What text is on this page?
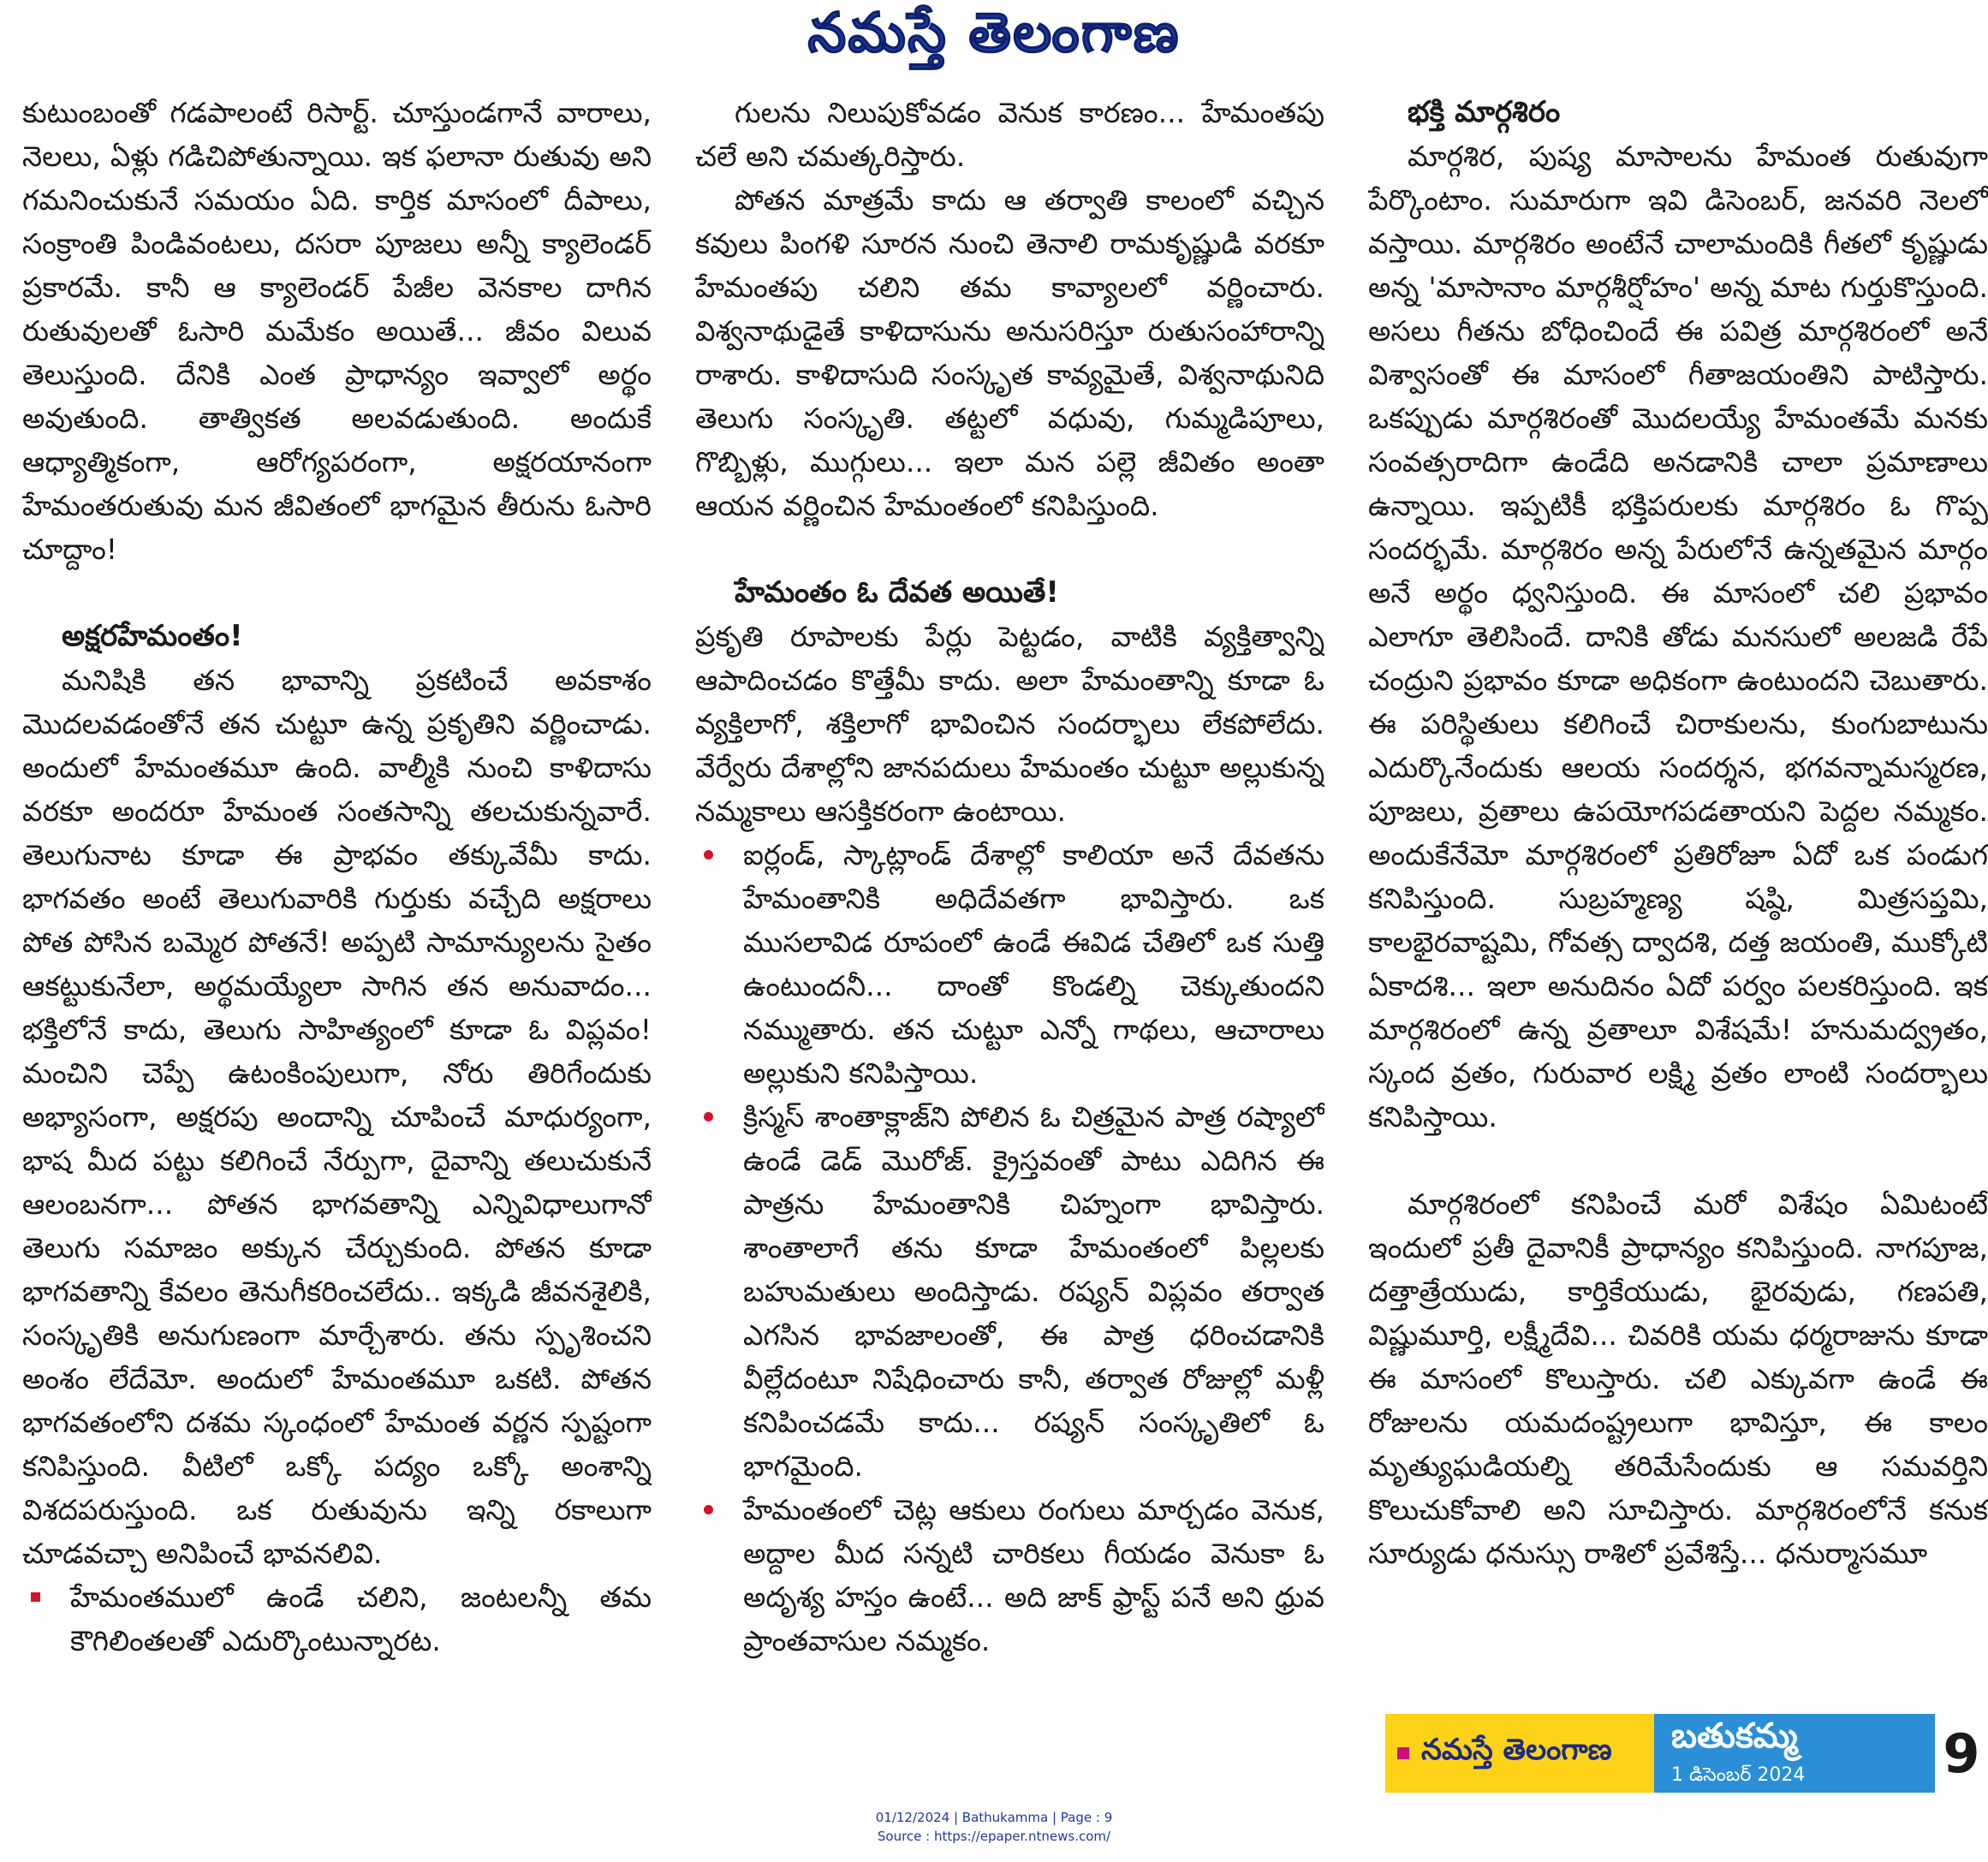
నమస్తే తెలంగాణ

కుటుంబంతో గడపాలంటే రిసార్ట్. చూస్తుండగానే వారాలు, నెలలు, ఏళ్లు గడిచిపోతున్నాయి. ఇక ఫలానా రుతువు అని గమనించుకునే సమయం ఏది. కార్తిక మాసంలో దీపాలు, సంక్రాంతి పిండివంటలు, దసరా పూజలు అన్నీ క్యాలెండర్ ప్రకారమే. కానీ ఆ క్యాలెండర్ పేజీల వెనకాల దాగిన రుతువులతో ఓసారి మమేకం అయితే... జీవం విలువ తెలుస్తుంది. దేనికి ఎంత ప్రాధాన్యం ఇవ్వాలో అర్థం అవుతుంది. తాత్వికత అలవడుతుంది. అందుకే ఆధ్యాత్మికంగా, ఆరోగ్యపరంగా, అక్షరయానంగా హేమంతరుతువు మన జీవితంలో భాగమైన తీరును ఓసారి చూద్దాం!

అక్షరహేమంతం!

మనిషికి తన భావాన్ని ప్రకటించే అవకాశం మొదలవడంతోనే తన చుట్టూ ఉన్న ప్రకృతిని వర్ణించాడు. అందులో హేమంతమూ ఉంది. వాల్మీకి నుంచి కాళిదాసు వరకూ అందరూ హేమంత సంతసాన్ని తలచుకున్నవారే. తెలుగునాట కూడా ఈ ప్రాభవం తక్కువేమీ కాదు. భాగవతం అంటే తెలుగువారికి గుర్తుకు వచ్చేది అక్షరాలు పోత పోసిన బమ్మెర పోతనే! అప్పటి సామాన్యులను సైతం ఆకట్టుకునేలా, అర్థమయ్యేలా సాగిన తన అనువాదం... భక్తిలోనే కాదు, తెలుగు సాహిత్యంలో కూడా ఓ విప్లవం! మంచిని చెప్పే ఉటంకింపులుగా, నోరు తిరిగేందుకు అభ్యాసంగా, అక్షరపు అందాన్ని చూపించే మాధుర్యంగా, భాష మీద పట్టు కలిగించే నేర్పుగా, దైవాన్ని తలుచుకునే ఆలంబనగా... పోతన భాగవతాన్ని ఎన్నివిధాలుగానో తెలుగు సమాజం అక్కున చేర్చుకుంది. పోతన కూడా భాగవతాన్ని కేవలం తెనుగీకరించలేదు.. ఇక్కడి జీవనశైలికి, సంస్కృతికి అనుగుణంగా మార్చేశారు. తను స్పృశించని అంశం లేదేమో. అందులో హేమంతమూ ఒకటి. పోతన భాగవతంలోని దశమ స్కంధంలో హేమంత వర్ణన స్పష్టంగా కనిపిస్తుంది. వీటిలో ఒక్కో పద్యం ఒక్కో అంశాన్ని విశదపరుస్తుంది. ఒక రుతువును ఇన్ని రకాలుగా చూడవచ్చా అనిపించే భావనలివి.

హేమంతములో ఉండే చలిని, జంటలన్నీ తమ కౌగిలింతలతో ఎదుర్కొంటున్నారట.

గులను నిలుపుకోవడం వెనుక కారణం... హేమంతపు చలే అని చమత్కరిస్తారు.

పోతన మాత్రమే కాదు ఆ తర్వాతి కాలంలో వచ్చిన కవులు పింగళి సూరన నుంచి తెనాలి రామకృష్ణుడి వరకూ హేమంతపు చలిని తమ కావ్యాలలో వర్ణించారు. విశ్వనాథుడైతే కాళిదాసును అనుసరిస్తూ రుతుసంహారాన్ని రాశారు. కాళిదాసుది సంస్కృత కావ్యమైతే, విశ్వనాథునిది తెలుగు సంస్కృతి. తట్టలో వధువు, గుమ్మడిపూలు, గొబ్బిళ్లు, ముగ్గులు... ఇలా మన పల్లె జీవితం అంతా ఆయన వర్ణించిన హేమంతంలో కనిపిస్తుంది.

హేమంతం ఓ దేవత అయితే!

ప్రకృతి రూపాలకు పేర్లు పెట్టడం, వాటికి వ్యక్తిత్వాన్ని ఆపాదించడం కొత్తేమీ కాదు. అలా హేమంతాన్ని కూడా ఓ వ్యక్తిలాగో, శక్తిలాగో భావించిన సందర్భాలు లేకపోలేదు. వేర్వేరు దేశాల్లోని జానపదులు హేమంతం చుట్టూ అల్లుకున్న నమ్మకాలు ఆసక్తికరంగా ఉంటాయి.

ఐర్లండ్, స్కాట్లాండ్ దేశాల్లో కాలియా అనే దేవతను హేమంతానికి అధిదేవతగా భావిస్తారు. ఒక ముసలావిడ రూపంలో ఉండే ఈవిడ చేతిలో ఒక సుత్తి ఉంటుందనీ... దాంతో కొండల్ని చెక్కుతుందని నమ్ముతారు. తన చుట్టూ ఎన్నో గాథలు, ఆచారాలు అల్లుకుని కనిపిస్తాయి.
క్రిస్మస్ శాంతాక్లాజ్‌ని పోలిన ఓ చిత్రమైన పాత్ర రష్యాలో ఉండే డెడ్ మొరోజ్. క్రైస్తవంతో పాటు ఎదిగిన ఈ పాత్రను హేమంతానికి చిహ్నంగా భావిస్తారు. శాంతాలాగే తను కూడా హేమంతంలో పిల్లలకు బహుమతులు అందిస్తాడు. రష్యన్ విప్లవం తర్వాత ఎగసిన భావజాలంతో, ఈ పాత్ర ధరించడానికి వీల్లేదంటూ నిషేధించారు కానీ, తర్వాత రోజుల్లో మళ్లీ కనిపించడమే కాదు... రష్యన్ సంస్కృతిలో ఓ భాగమైంది.
హేమంతంలో చెట్ల ఆకులు రంగులు మార్చడం వెనుక, అద్దాల మీద సన్నటి చారికలు గీయడం వెనుకా ఓ అదృశ్య హస్తం ఉంటే... అది జాక్ ఫ్రాస్ట్ పనే అని ధ్రువ ప్రాంతవాసుల నమ్మకం.
భక్తి మార్గశిరం

మార్గశిర, పుష్య మాసాలను హేమంత రుతువుగా పేర్కొంటాం. సుమారుగా ఇవి డిసెంబర్, జనవరి నెలలో వస్తాయి. మార్గశిరం అంటేనే చాలామందికి గీతలో కృష్ణుడు అన్న 'మాసానాం మార్గశీర్షోహం' అన్న మాట గుర్తుకొస్తుంది. అసలు గీతను బోధించిందే ఈ పవిత్ర మార్గశిరంలో అనే విశ్వాసంతో ఈ మాసంలో గీతాజయంతిని పాటిస్తారు. ఒకప్పుడు మార్గశిరంతో మొదలయ్యే హేమంతమే మనకు సంవత్సరాదిగా ఉండేది అనడానికి చాలా ప్రమాణాలు ఉన్నాయి. ఇప్పటికీ భక్తిపరులకు మార్గశిరం ఓ గొప్ప సందర్భమే. మార్గశిరం అన్న పేరులోనే ఉన్నతమైన మార్గం అనే అర్థం ధ్వనిస్తుంది. ఈ మాసంలో చలి ప్రభావం ఎలాగూ తెలిసిందే. దానికి తోడు మనసులో అలజడి రేపే చంద్రుని ప్రభావం కూడా అధికంగా ఉంటుందని చెబుతారు. ఈ పరిస్థితులు కలిగించే చిరాకులను, కుంగుబాటును ఎదుర్కొనేందుకు ఆలయ సందర్శన, భగవన్నామస్మరణ, పూజలు, వ్రతాలు ఉపయోగపడతాయని పెద్దల నమ్మకం. అందుకేనేమో మార్గశిరంలో ప్రతిరోజూ ఏదో ఒక పండుగ కనిపిస్తుంది. సుబ్రహ్మణ్య షష్ఠి, మిత్రసప్తమి, కాలభైరవాష్టమి, గోవత్స ద్వాదశి, దత్త జయంతి, ముక్కోటి ఏకాదశి... ఇలా అనుదినం ఏదో పర్వం పలకరిస్తుంది. ఇక మార్గశిరంలో ఉన్న వ్రతాలూ విశేషమే! హనుమద్వ్రతం, స్కంద వ్రతం, గురువార లక్ష్మి వ్రతం లాంటి సందర్భాలు కనిపిస్తాయి.

మార్గశిరంలో కనిపించే మరో విశేషం ఏమిటంటే ఇందులో ప్రతీ దైవానికీ ప్రాధాన్యం కనిపిస్తుంది. నాగపూజ, దత్తాత్రేయుడు, కార్తికేయుడు, భైరవుడు, గణపతి, విష్ణుమూర్తి, లక్ష్మీదేవి... చివరికి యమ ధర్మరాజును కూడా ఈ మాసంలో కొలుస్తారు. చలి ఎక్కువగా ఉండే ఈ రోజులను యమదంష్ట్రలుగా భావిస్తూ, ఈ కాలం మృత్యుఘడియల్ని తరిమేసేందుకు ఆ సమవర్తిని కొలుచుకోవాలి అని సూచిస్తారు. మార్గశిరంలోనే కనుక సూర్యుడు ధనుస్సు రాశిలో ప్రవేశిస్తే... ధనుర్మాసమూ

నమస్తే తెలంగాణ బతుకమ్మ
1 డిసెంబర్ 2024	9
01/12/2024 | Bathukamma | Page : 9
Source : https://epaper.ntnews.com/
